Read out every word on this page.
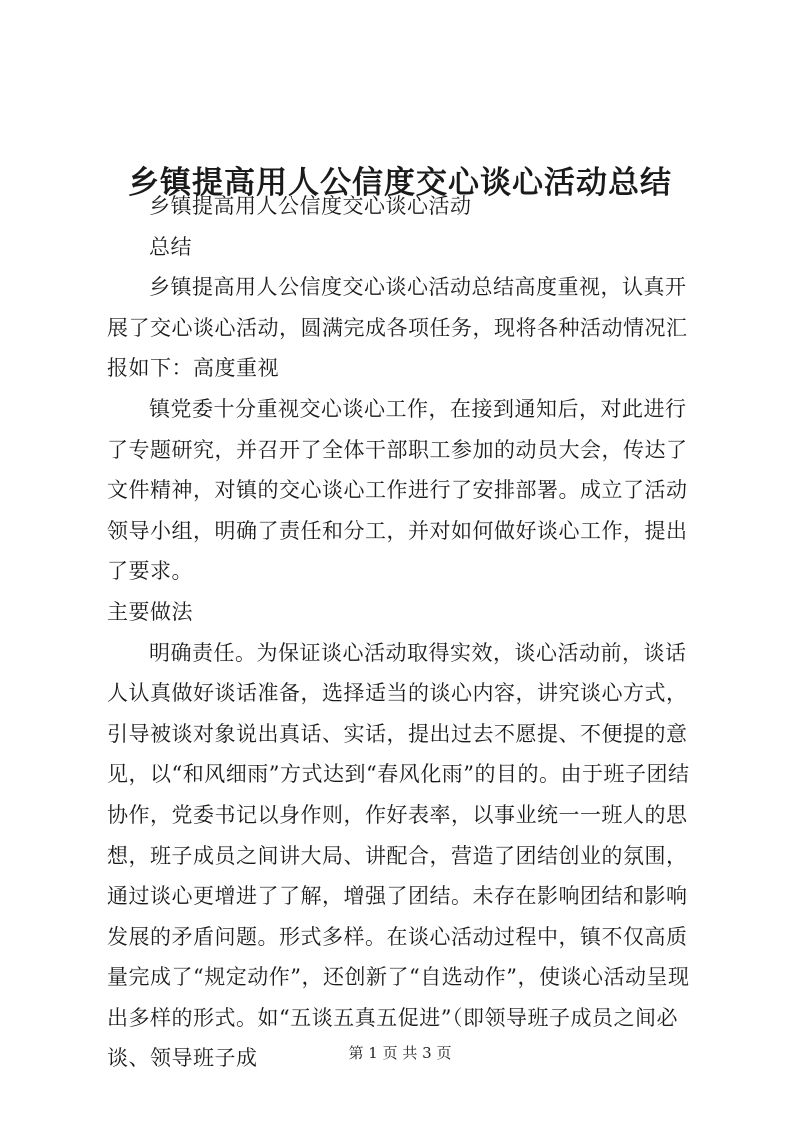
乡镇提高用人公信度交心谈心活动总结

乡镇提高用人公信度交心谈心活动

总结

乡镇提高用人公信度交心谈心活动总结高度重视，认真开展了交心谈心活动，圆满完成各项任务，现将各种活动情况汇报如下：高度重视

镇党委十分重视交心谈心工作，在接到通知后，对此进行了专题研究，并召开了全体干部职工参加的动员大会，传达了文件精神，对镇的交心谈心工作进行了安排部署。成立了活动领导小组，明确了责任和分工，并对如何做好谈心工作，提出了要求。

主要做法

明确责任。为保证谈心活动取得实效，谈心活动前，谈话人认真做好谈话准备，选择适当的谈心内容，讲究谈心方式，引导被谈对象说出真话、实话，提出过去不愿提、不便提的意见，以“和风细雨”方式达到“春风化雨”的目的。由于班子团结协作，党委书记以身作则，作好表率，以事业统一一班人的思想，班子成员之间讲大局、讲配合，营造了团结创业的氛围，通过谈心更增进了了解，增强了团结。未存在影响团结和影响发展的矛盾问题。形式多样。在谈心活动过程中，镇不仅高质量完成了“规定动作”，还创新了“自选动作”，使谈心活动呈现出多样的形式。如“五谈五真五促进”（即领导班子成员之间必谈、领导班子成	第 1 页 共 3 页
